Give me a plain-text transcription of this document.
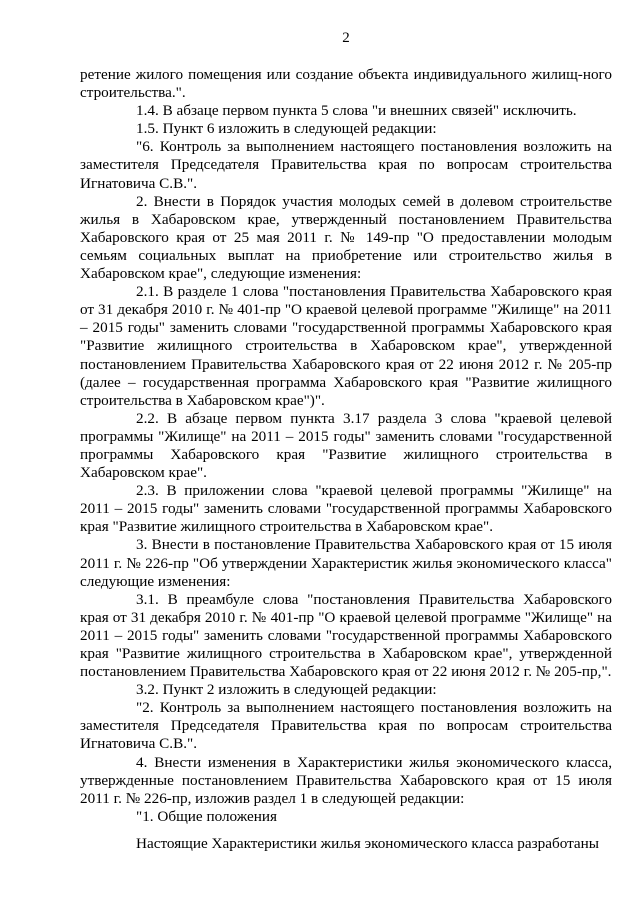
2

ретение жилого помещения или создание объекта индивидуального жилищ-ного строительства.".

1.4. В абзаце первом пункта 5 слова "и внешних связей" исключить.

1.5. Пункт 6 изложить в следующей редакции:

"6. Контроль за выполнением настоящего постановления возложить на заместителя Председателя Правительства края по вопросам строительства Игнатовича С.В.".

2. Внести в Порядок участия молодых семей в долевом строительстве жилья в Хабаровском крае, утвержденный постановлением Правительства Хабаровского края от 25 мая 2011 г. № 149-пр "О предоставлении молодым семьям социальных выплат на приобретение или строительство жилья в Хабаровском крае", следующие изменения:

2.1. В разделе 1 слова "постановления Правительства Хабаровского края от 31 декабря 2010 г. № 401-пр "О краевой целевой программе "Жилище" на 2011 – 2015 годы" заменить словами "государственной программы Хабаровского края "Развитие жилищного строительства в Хабаровском крае", утвержденной постановлением Правительства Хабаровского края от 22 июня 2012 г. № 205-пр (далее – государственная программа Хабаровского края "Развитие жилищного строительства в Хабаровском крае")".

2.2. В абзаце первом пункта 3.17 раздела 3 слова "краевой целевой программы "Жилище" на 2011 – 2015 годы" заменить словами "государственной программы Хабаровского края "Развитие жилищного строительства в Хабаровском крае".

2.3. В приложении слова "краевой целевой программы "Жилище" на 2011 – 2015 годы" заменить словами "государственной программы Хабаровского края "Развитие жилищного строительства в Хабаровском крае".

3. Внести в постановление Правительства Хабаровского края от 15 июля 2011 г. № 226-пр "Об утверждении Характеристик жилья экономического класса" следующие изменения:

3.1. В преамбуле слова "постановления Правительства Хабаровского края от 31 декабря 2010 г. № 401-пр "О краевой целевой программе "Жилище" на 2011 – 2015 годы" заменить словами "государственной программы Хабаровского края "Развитие жилищного строительства в Хабаровском крае", утвержденной постановлением Правительства Хабаровского края от 22 июня 2012 г. № 205-пр,".

3.2. Пункт 2 изложить в следующей редакции:

"2. Контроль за выполнением настоящего постановления возложить на заместителя Председателя Правительства края по вопросам строительства Игнатовича С.В.".

4. Внести изменения в Характеристики жилья экономического класса, утвержденные постановлением Правительства Хабаровского края от 15 июля 2011 г. № 226-пр, изложив раздел 1 в следующей редакции:

"1. Общие положения

Настоящие Характеристики жилья экономического класса разработаны
